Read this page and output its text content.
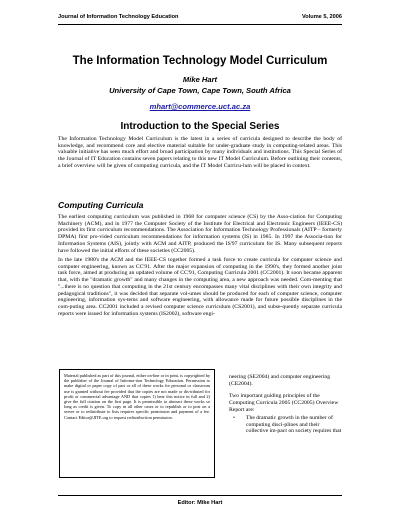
Journal of Information Technology Education	Volume 5, 2006
The Information Technology Model Curriculum
Mike Hart
University of Cape Town, Cape Town, South Africa
mhart@commerce.uct.ac.za
Introduction to the Special Series

The Information Technology Model Curriculum is the latest in a series of curricula designed to describe the body of knowledge, and recommend core and elective material suitable for under-graduate study in computing-related areas. This valuable initiative has seen much effort and broad participation by many individuals and institutions. This Special Series of the Journal of IT Education contains seven papers relating to this new IT Model Curriculum. Before outlining their contents, a brief overview will be given of computing curricula, and the IT Model Curricu-lum will be placed in context.

Computing Curricula

The earliest computing curriculum was published in 1968 for computer science (CS) by the Asso-ciation for Computing Machinery (ACM), and in 1977 the Computer Society of the Institute for Electrical and Electronic Engineers (IEEE-CS) provided its first curriculum recommendations. The Association for Information Technology Professionals (AITP – formerly DPMA) first pro-vided curriculum recommendations for information systems (IS) in 1985. In 1997 the Associa-tion for Information Systems (AIS), jointly with ACM and AITP, produced the IS'97 curriculum for IS. Many subsequent reports have followed the initial efforts of these societies (CC2005).

In the late 1980's the ACM and the IEEE-CS together formed a task force to create curricula for computer science and computer engineering, known as CC'91. After the major expansion of computing in the 1990's, they formed another joint task force, aimed at producing an updated volume of CC'91, Computing Curricula 2001 (CC2001). It soon became apparent that, with the "dramatic growth" and many changes in the computing area, a new approach was needed. Com-menting that "...there is no question that computing in the 21st century encompasses many vital disciplines with their own integrity and pedagogical traditions", it was decided that separate vol-umes should be produced for each of computer science, computer engineering, information sys-tems and software engineering, with allowance made for future possible disciplines in the com-puting area. CC2001 included a revised computer science curriculum (CS2001), and subse-quently separate curricula reports were issued for information systems (IS2002), software engi-

Material published as part of this journal, either on-line or in print, is copyrighted by the publisher of the Journal of Informa-tion Technology Education. Permission to make digital or paper copy of part or all of these works for personal or classroom use is granted without fee provided that the copies are not made or dis-tributed for profit or commercial advantage AND that copies 1) bear this notice in full and 2) give the full citation on the first page. It is permissible to abstract these works so long as credit is given. To copy in all other cases or to republish or to post on a server or to redistribute to lists requires specific permission and payment of a fee. Contact Editor@JITE.org to request redistribu-tion permission.

neering (SE2004) and computer engineering (CE2004).

Two important guiding principles of the Computing Curricula 2005 (CC2005) Overview Report are:

• The dramatic growth in the number of computing disci-plines and their collective im-pact on society requires that
Editor: Mike Hart
